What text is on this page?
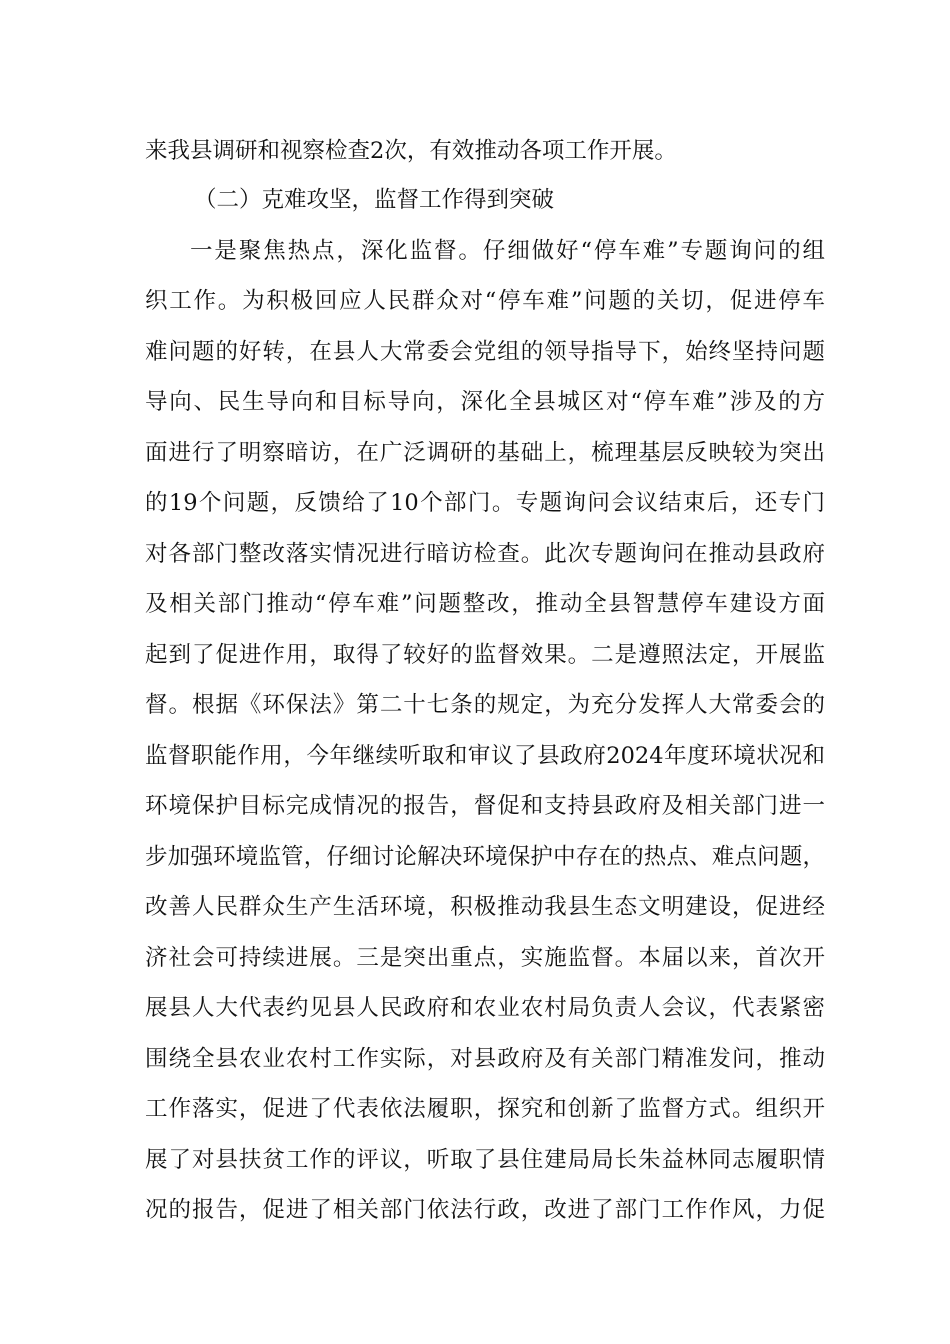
来我县调研和视察检查2次，有效推动各项工作开展。
（二）克难攻坚，监督工作得到突破
一是聚焦热点，深化监督。仔细做好“停车难”专题询问的组
织工作。为积极回应人民群众对“停车难”问题的关切，促进停车
难问题的好转，在县人大常委会党组的领导指导下，始终坚持问题
导向、民生导向和目标导向，深化全县城区对“停车难”涉及的方
面进行了明察暗访，在广泛调研的基础上，梳理基层反映较为突出
的19个问题，反馈给了10个部门。专题询问会议结束后，还专门
对各部门整改落实情况进行暗访检查。此次专题询问在推动县政府
及相关部门推动“停车难”问题整改，推动全县智慧停车建设方面
起到了促进作用，取得了较好的监督效果。二是遵照法定，开展监
督。根据《环保法》第二十七条的规定，为充分发挥人大常委会的
监督职能作用，今年继续听取和审议了县政府2024年度环境状况和
环境保护目标完成情况的报告，督促和支持县政府及相关部门进一
步加强环境监管，仔细讨论解决环境保护中存在的热点、难点问题，
改善人民群众生产生活环境，积极推动我县生态文明建设，促进经
济社会可持续进展。三是突出重点，实施监督。本届以来，首次开
展县人大代表约见县人民政府和农业农村局负责人会议，代表紧密
围绕全县农业农村工作实际，对县政府及有关部门精准发问，推动
工作落实，促进了代表依法履职，探究和创新了监督方式。组织开
展了对县扶贫工作的评议，听取了县住建局局长朱益林同志履职情
况的报告，促进了相关部门依法行政，改进了部门工作作风，力促
